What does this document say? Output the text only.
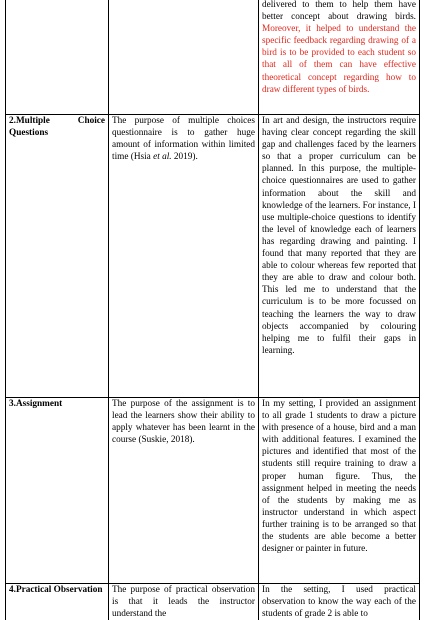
		delivered to them to help them have better concept about drawing birds. Moreover, it helped to understand the specific feedback regarding drawing of a bird is to be provided to each student so that all of them can have effective theoretical concept regarding how to draw different types of birds.
2.Multiple Choice Questions	The purpose of multiple choices questionnaire is to gather huge amount of information within limited time (Hsia et al. 2019).	In art and design, the instructors require having clear concept regarding the skill gap and challenges faced by the learners so that a proper curriculum can be planned. In this purpose, the multiple-choice questionnaires are used to gather information about the skill and knowledge of the learners. For instance, I use multiple-choice questions to identify the level of knowledge each of learners has regarding drawing and painting. I found that many reported that they are able to colour whereas few reported that they are able to draw and colour both. This led me to understand that the curriculum is to be more focussed on teaching the learners the way to draw objects accompanied by colouring helping me to fulfil their gaps in learning.
3.Assignment	The purpose of the assignment is to lead the learners show their ability to apply whatever has been learnt in the course (Suskie, 2018).	In my setting, I provided an assignment to all grade 1 students to draw a picture with presence of a house, bird and a man with additional features. I examined the pictures and identified that most of the students still require training to draw a proper human figure. Thus, the assignment helped in meeting the needs of the students by making me as instructor understand in which aspect further training is to be arranged so that the students are able become a better designer or painter in future.
4.Practical Observation	The purpose of practical observation is that it leads the instructor understand the	In the setting, I used practical observation to know the way each of the students of grade 2 is able to
